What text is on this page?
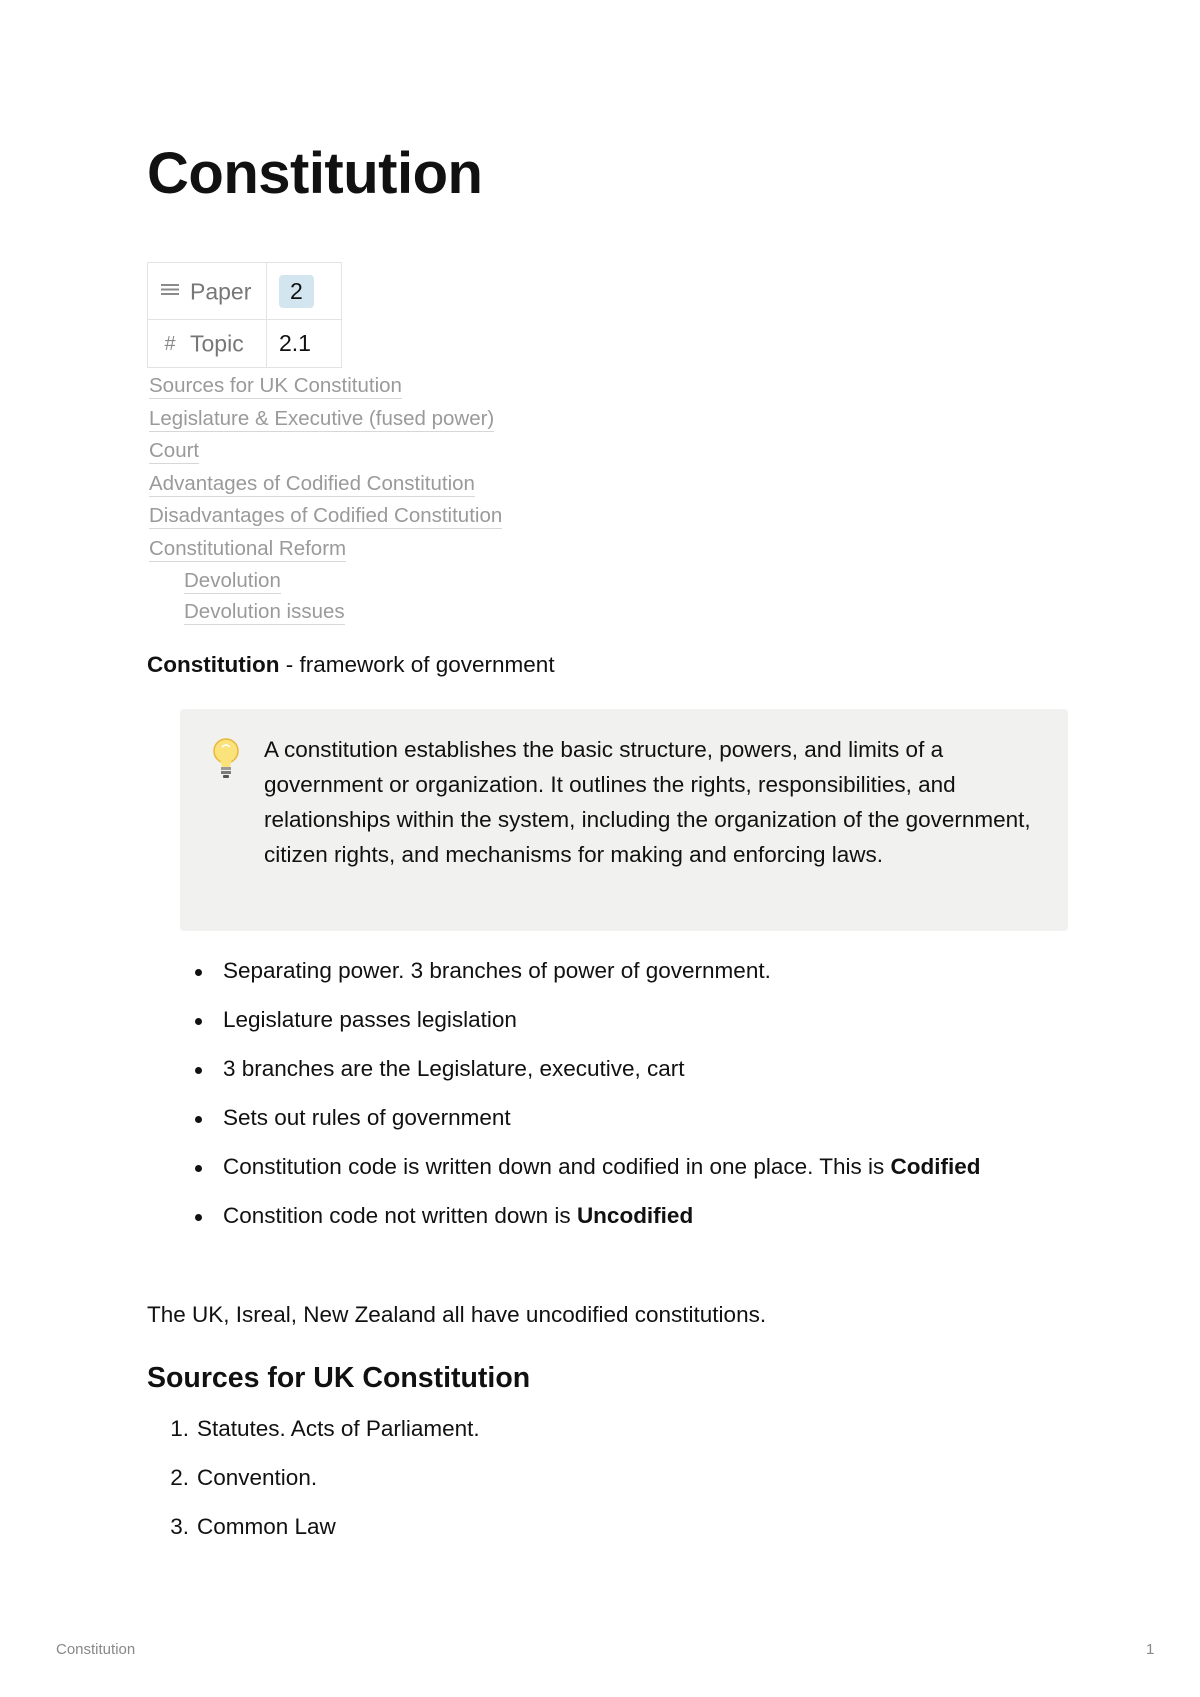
Constitution
Paper	2
# Topic	2.1
Sources for UK Constitution
Legislature & Executive (fused power)
Court
Advantages of Codified Constitution
Disadvantages of Codified Constitution
Constitutional Reform
Devolution
Devolution issues
Constitution - framework of government
A constitution establishes the basic structure, powers, and limits of a government or organization. It outlines the rights, responsibilities, and relationships within the system, including the organization of the government, citizen rights, and mechanisms for making and enforcing laws.
Separating power. 3 branches of power of government.
Legislature passes legislation
3 branches are the Legislature, executive, cart
Sets out rules of government
Constitution code is written down and codified in one place. This is Codified
Constition code not written down is Uncodified
The UK, Isreal, New Zealand all have uncodified constitutions.
Sources for UK Constitution
1. Statutes. Acts of Parliament.
2. Convention.
3. Common Law
Constitution	1
